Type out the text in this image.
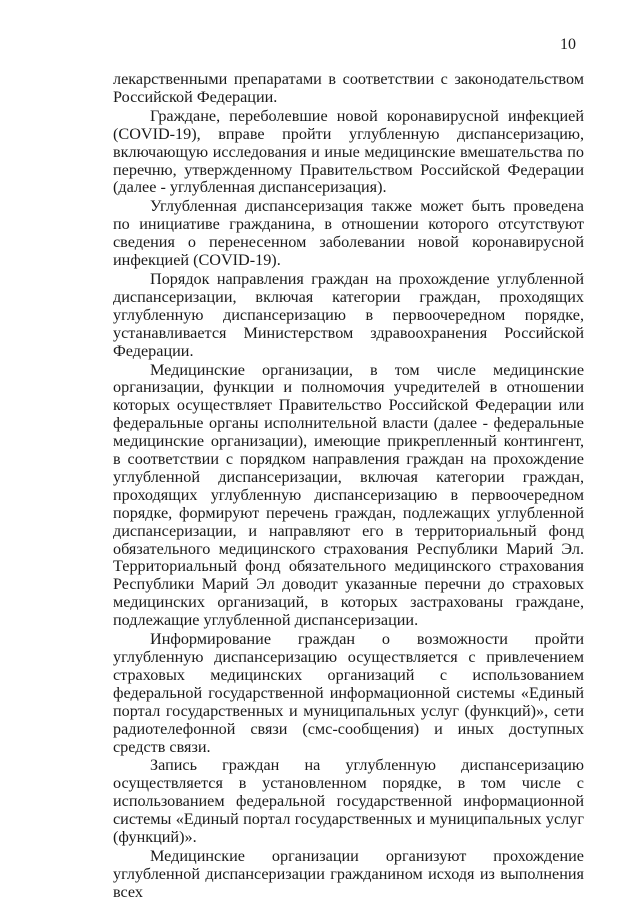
10

лекарственными препаратами в соответствии с законодательством Российской Федерации.

Граждане, переболевшие новой коронавирусной инфекцией (COVID-19), вправе пройти углубленную диспансеризацию, включающую исследования и иные медицинские вмешательства по перечню, утвержденному Правительством Российской Федерации (далее - углубленная диспансеризация).

Углубленная диспансеризация также может быть проведена по инициативе гражданина, в отношении которого отсутствуют сведения о перенесенном заболевании новой коронавирусной инфекцией (COVID-19).

Порядок направления граждан на прохождение углубленной диспансеризации, включая категории граждан, проходящих углубленную диспансеризацию в первоочередном порядке, устанавливается Министерством здравоохранения Российской Федерации.

Медицинские организации, в том числе медицинские организации, функции и полномочия учредителей в отношении которых осуществляет Правительство Российской Федерации или федеральные органы исполнительной власти (далее - федеральные медицинские организации), имеющие прикрепленный контингент, в соответствии с порядком направления граждан на прохождение углубленной диспансеризации, включая категории граждан, проходящих углубленную диспансеризацию в первоочередном порядке, формируют перечень граждан, подлежащих углубленной диспансеризации, и направляют его в территориальный фонд обязательного медицинского страхования Республики Марий Эл. Территориальный фонд обязательного медицинского страхования Республики Марий Эл доводит указанные перечни до страховых медицинских организаций, в которых застрахованы граждане, подлежащие углубленной диспансеризации.

Информирование граждан о возможности пройти углубленную диспансеризацию осуществляется с привлечением страховых медицинских организаций с использованием федеральной государственной информационной системы «Единый портал государственных и муниципальных услуг (функций)», сети радиотелефонной связи (смс-сообщения) и иных доступных средств связи.

Запись граждан на углубленную диспансеризацию осуществляется в установленном порядке, в том числе с использованием федеральной государственной информационной системы «Единый портал государственных и муниципальных услуг (функций)».

Медицинские организации организуют прохождение углубленной диспансеризации гражданином исходя из выполнения всех
